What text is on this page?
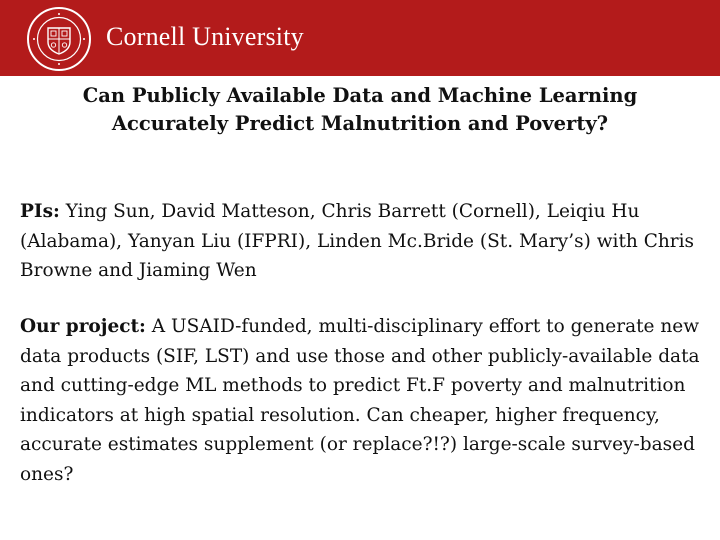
Cornell University
Can Publicly Available Data and Machine Learning
Accurately Predict Malnutrition and Poverty?
PIs: Ying Sun, David Matteson, Chris Barrett (Cornell), Leiqiu Hu (Alabama), Yanyan Liu (IFPRI), Linden Mc.Bride (St. Mary’s) with Chris Browne and Jiaming Wen
Our project: A USAID-funded, multi-disciplinary effort to generate new data products (SIF, LST) and use those and other publicly-available data and cutting-edge ML methods to predict Ft.F poverty and malnutrition indicators at high spatial resolution. Can cheaper, higher frequency, accurate estimates supplement (or replace?!?) large-scale survey-based ones?
